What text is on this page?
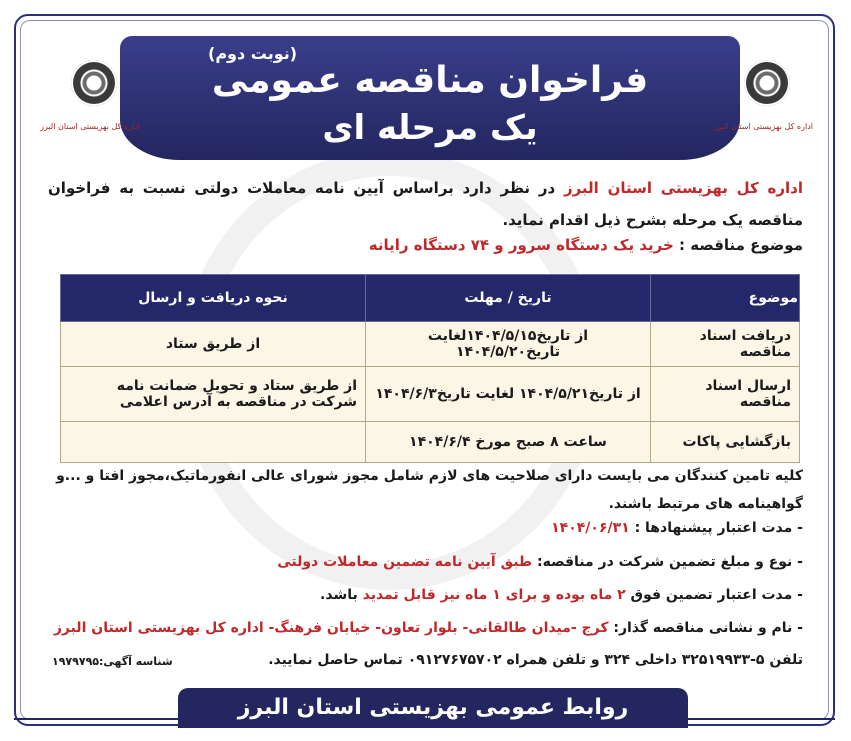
(نوبت دوم)
فراخوان مناقصه عمومی
یک مرحله ای	اداره کل بهزیستی استان البرز
اداره کل بهزیستی استان البرز
اداره کل بهزیستی استان البرز در نظر دارد براساس آیین نامه معاملات دولتی نسبت به فراخوان مناقصه یک مرحله بشرح ذیل اقدام نماید.
موضوع مناقصه : خرید یک دستگاه سرور و ۷۴ دستگاه رایانه
موضوع	تاریخ / مهلت	نحوه دریافت و ارسال
دریافت اسناد مناقصه	از تاریخ۱۴۰۴/۵/۱۵لغایت تاریخ۱۴۰۴/۵/۲۰	از طریق ستاد
ارسال اسناد مناقصه	از تاریخ۱۴۰۴/۵/۲۱ لغایت تاریخ۱۴۰۴/۶/۳	از طریق ستاد و تحویل ضمانت نامه شرکت در مناقصه به آدرس اعلامی
بازگشایی پاکات	ساعت ۸ صبح مورخ ۱۴۰۴/۶/۴	
کلیه تامین کنندگان می بایست دارای صلاحیت های لازم شامل مجوز شورای عالی انفورماتیک،مجوز افتا و ...و گواهینامه های مرتبط باشند.
- مدت اعتبار پیشنهادها : ۱۴۰۴/۰۶/۳۱
- نوع و مبلغ تضمین شرکت در مناقصه: طبق آیین نامه تضمین معاملات دولتی
- مدت اعتبار تضمین فوق ۲ ماه بوده و برای ۱ ماه نیز قابل تمدید باشد.
- نام و نشانی مناقصه گذار: کرج -میدان طالقانی- بلوار تعاون- خیابان فرهنگ- اداره کل بهزیستی استان البرز
تلفن ۵-۳۲۵۱۹۹۳۳ داخلی ۳۲۴ و تلفن همراه ۰۹۱۲۷۶۷۵۷۰۲ تماس حاصل نمایید.
شناسه آگهی:۱۹۷۹۷۹۵
روابط عمومی بهزیستی استان البرز
